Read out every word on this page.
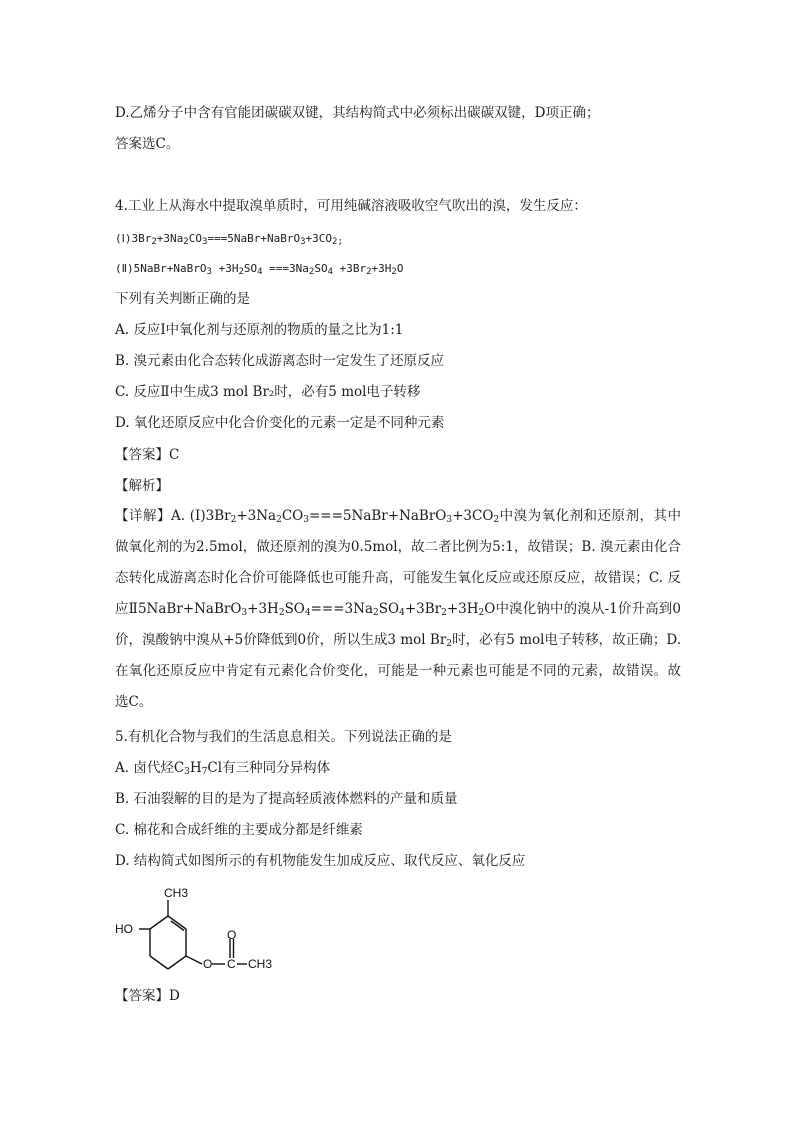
D.乙烯分子中含有官能团碳碳双键，其结构简式中必须标出碳碳双键，D项正确；
答案选C。
4.工业上从海水中提取溴单质时，可用纯碱溶液吸收空气吹出的溴，发生反应：
$(Ⅰ)3Br_2+3Na_2CO_3===5NaBr+NaBrO_3+3CO_{2;}$
(Ⅱ)5NaBr+NaBrO$_3$ $+3H_2SO_4 ===3Na_2SO_4 +3Br_2+3H_2O$
下列有关判断正确的是
A. 反应Ⅰ中氧化剂与还原剂的物质的量之比为1:1
B. 溴元素由化合态转化成游离态时一定发生了还原反应
C. 反应Ⅱ中生成3 mol Br₂时，必有5 mol电子转移
D. 氧化还原反应中化合价变化的元素一定是不同种元素
【答案】C
【解析】
【详解】A. $(I)3Br_2+3Na_2CO_3===5NaBr+NaBrO_3+3CO_2$中溴为氧化剂和还原剂，其中做氧化剂的为2.5mol，做还原剂的溴为0.5mol，故二者比例为5:1，故错误；B. 溴元素由化合态转化成游离态时化合价可能降低也可能升高，可能发生氧化反应或还原反应，故错误；C. 反应$Ⅱ5NaBr+NaBrO_3+3H_2SO_4===3Na_2SO_4+3Br_2+3H_2O$中溴化钠中的溴从-1价升高到0价，溴酸钠中溴从+5价降低到0价，所以生成3 mol $Br_2$时，必有5 mol电子转移，故正确；D.在氧化还原反应中肯定有元素化合价变化，可能是一种元素也可能是不同的元素，故错误。故选C。
5.有机化合物与我们的生活息息相关。下列说法正确的是
A. 卤代烃$C_3H_7Cl$有三种同分异构体
B. 石油裂解的目的是为了提高轻质液体燃料的产量和质量
C. 棉花和合成纤维的主要成分都是纤维素
D. 结构简式如图所示的有机物能发生加成反应、取代反应、氧化反应
CH3
HO
O C
O
CH3
【答案】D
